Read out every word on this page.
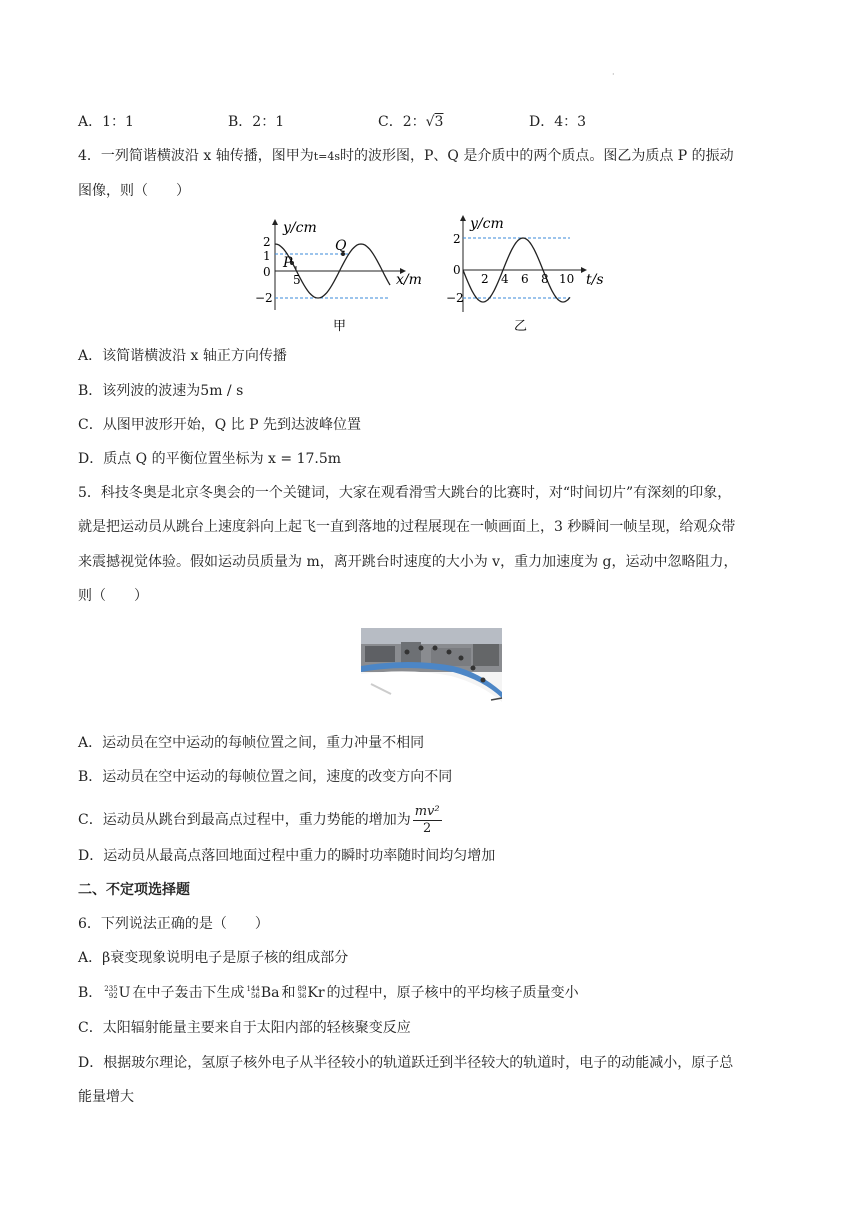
·
A．1：1	B．2：1	C．2：√3	D．4：3
4．一列简谐横波沿 x 轴传播，图甲为t=4s时的波形图，P、Q 是介质中的两个质点。图乙为质点 P 的振动
图像，则（　　）
2
1
0
−2
y/cm
x/m
5
P
Q
甲
y/cm
2
0
−2
2 4 6 8 10 t/s
乙
A．该简谐横波沿 x 轴正方向传播
B．该列波的波速为5m / s
C．从图甲波形开始，Q 比 P 先到达波峰位置
D．质点 Q 的平衡位置坐标为 x = 17.5m
5．科技冬奥是北京冬奥会的一个关键词，大家在观看滑雪大跳台的比赛时，对“时间切片”有深刻的印象，
就是把运动员从跳台上速度斜向上起飞一直到落地的过程展现在一帧画面上，3 秒瞬间一帧呈现，给观众带
来震撼视觉体验。假如运动员质量为 m，离开跳台时速度的大小为 v，重力加速度为 g，运动中忽略阻力，
则（　　）
A．运动员在空中运动的每帧位置之间，重力冲量不相同
B．运动员在空中运动的每帧位置之间，速度的改变方向不同
C．运动员从跳台到最高点过程中，重力势能的增加为 $\frac{\text{mv²}}{2}$
D．运动员从最高点落回地面过程中重力的瞬时功率随时间均匀增加
二、不定项选择题
6．下列说法正确的是（　　）
A．β衰变现象说明电子是原子核的组成部分
B． 235
92 U 在中子轰击下生成 144
56 Ba 和 89
36 Kr 的过程中，原子核中的平均核子质量变小
C．太阳辐射能量主要来自于太阳内部的轻核聚变反应
D．根据玻尔理论，氢原子核外电子从半径较小的轨道跃迁到半径较大的轨道时，电子的动能减小，原子总
能量增大
